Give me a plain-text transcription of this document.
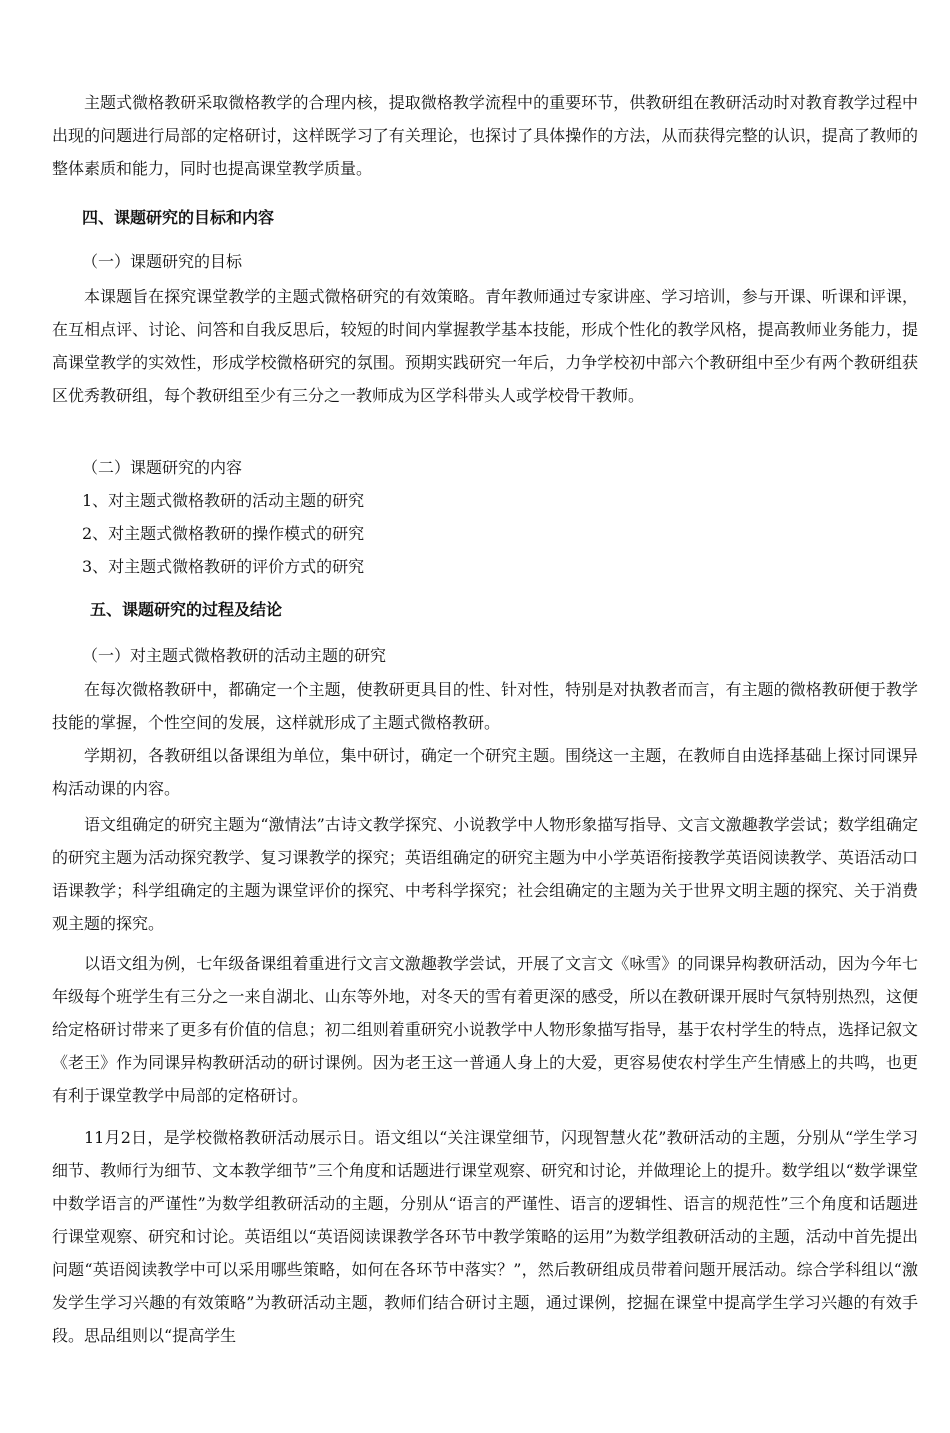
主题式微格教研采取微格教学的合理内核，提取微格教学流程中的重要环节，供教研组在教研活动时对教育教学过程中出现的问题进行局部的定格研讨，这样既学习了有关理论，也探讨了具体操作的方法，从而获得完整的认识，提高了教师的整体素质和能力，同时也提高课堂教学质量。

四、课题研究的目标和内容

（一）课题研究的目标

本课题旨在探究课堂教学的主题式微格研究的有效策略。青年教师通过专家讲座、学习培训，参与开课、听课和评课，在互相点评、讨论、问答和自我反思后，较短的时间内掌握教学基本技能，形成个性化的教学风格，提高教师业务能力，提高课堂教学的实效性，形成学校微格研究的氛围。预期实践研究一年后，力争学校初中部六个教研组中至少有两个教研组获区优秀教研组，每个教研组至少有三分之一教师成为区学科带头人或学校骨干教师。

（二）课题研究的内容

1、对主题式微格教研的活动主题的研究

2、对主题式微格教研的操作模式的研究

3、对主题式微格教研的评价方式的研究

五、课题研究的过程及结论

（一）对主题式微格教研的活动主题的研究

在每次微格教研中，都确定一个主题，使教研更具目的性、针对性，特别是对执教者而言，有主题的微格教研便于教学技能的掌握，个性空间的发展，这样就形成了主题式微格教研。

学期初，各教研组以备课组为单位，集中研讨，确定一个研究主题。围绕这一主题，在教师自由选择基础上探讨同课异构活动课的内容。

语文组确定的研究主题为“激情法”古诗文教学探究、小说教学中人物形象描写指导、文言文激趣教学尝试；数学组确定的研究主题为活动探究教学、复习课教学的探究；英语组确定的研究主题为中小学英语衔接教学英语阅读教学、英语活动口语课教学；科学组确定的主题为课堂评价的探究、中考科学探究；社会组确定的主题为关于世界文明主题的探究、关于消费观主题的探究。

以语文组为例，七年级备课组着重进行文言文激趣教学尝试，开展了文言文《咏雪》的同课异构教研活动，因为今年七年级每个班学生有三分之一来自湖北、山东等外地，对冬天的雪有着更深的感受，所以在教研课开展时气氛特别热烈，这便给定格研讨带来了更多有价值的信息；初二组则着重研究小说教学中人物形象描写指导，基于农村学生的特点，选择记叙文《老王》作为同课异构教研活动的研讨课例。因为老王这一普通人身上的大爱，更容易使农村学生产生情感上的共鸣，也更有利于课堂教学中局部的定格研讨。

11月2日，是学校微格教研活动展示日。语文组以“关注课堂细节，闪现智慧火花”教研活动的主题，分别从“学生学习细节、教师行为细节、文本教学细节”三个角度和话题进行课堂观察、研究和讨论，并做理论上的提升。数学组以“数学课堂中数学语言的严谨性”为数学组教研活动的主题，分别从“语言的严谨性、语言的逻辑性、语言的规范性”三个角度和话题进行课堂观察、研究和讨论。英语组以“英语阅读课教学各环节中教学策略的运用”为数学组教研活动的主题，活动中首先提出问题“英语阅读教学中可以采用哪些策略，如何在各环节中落实？”，然后教研组成员带着问题开展活动。综合学科组以“激发学生学习兴趣的有效策略”为教研活动主题，教师们结合研讨主题，通过课例，挖掘在课堂中提高学生学习兴趣的有效手段。思品组则以“提高学生
